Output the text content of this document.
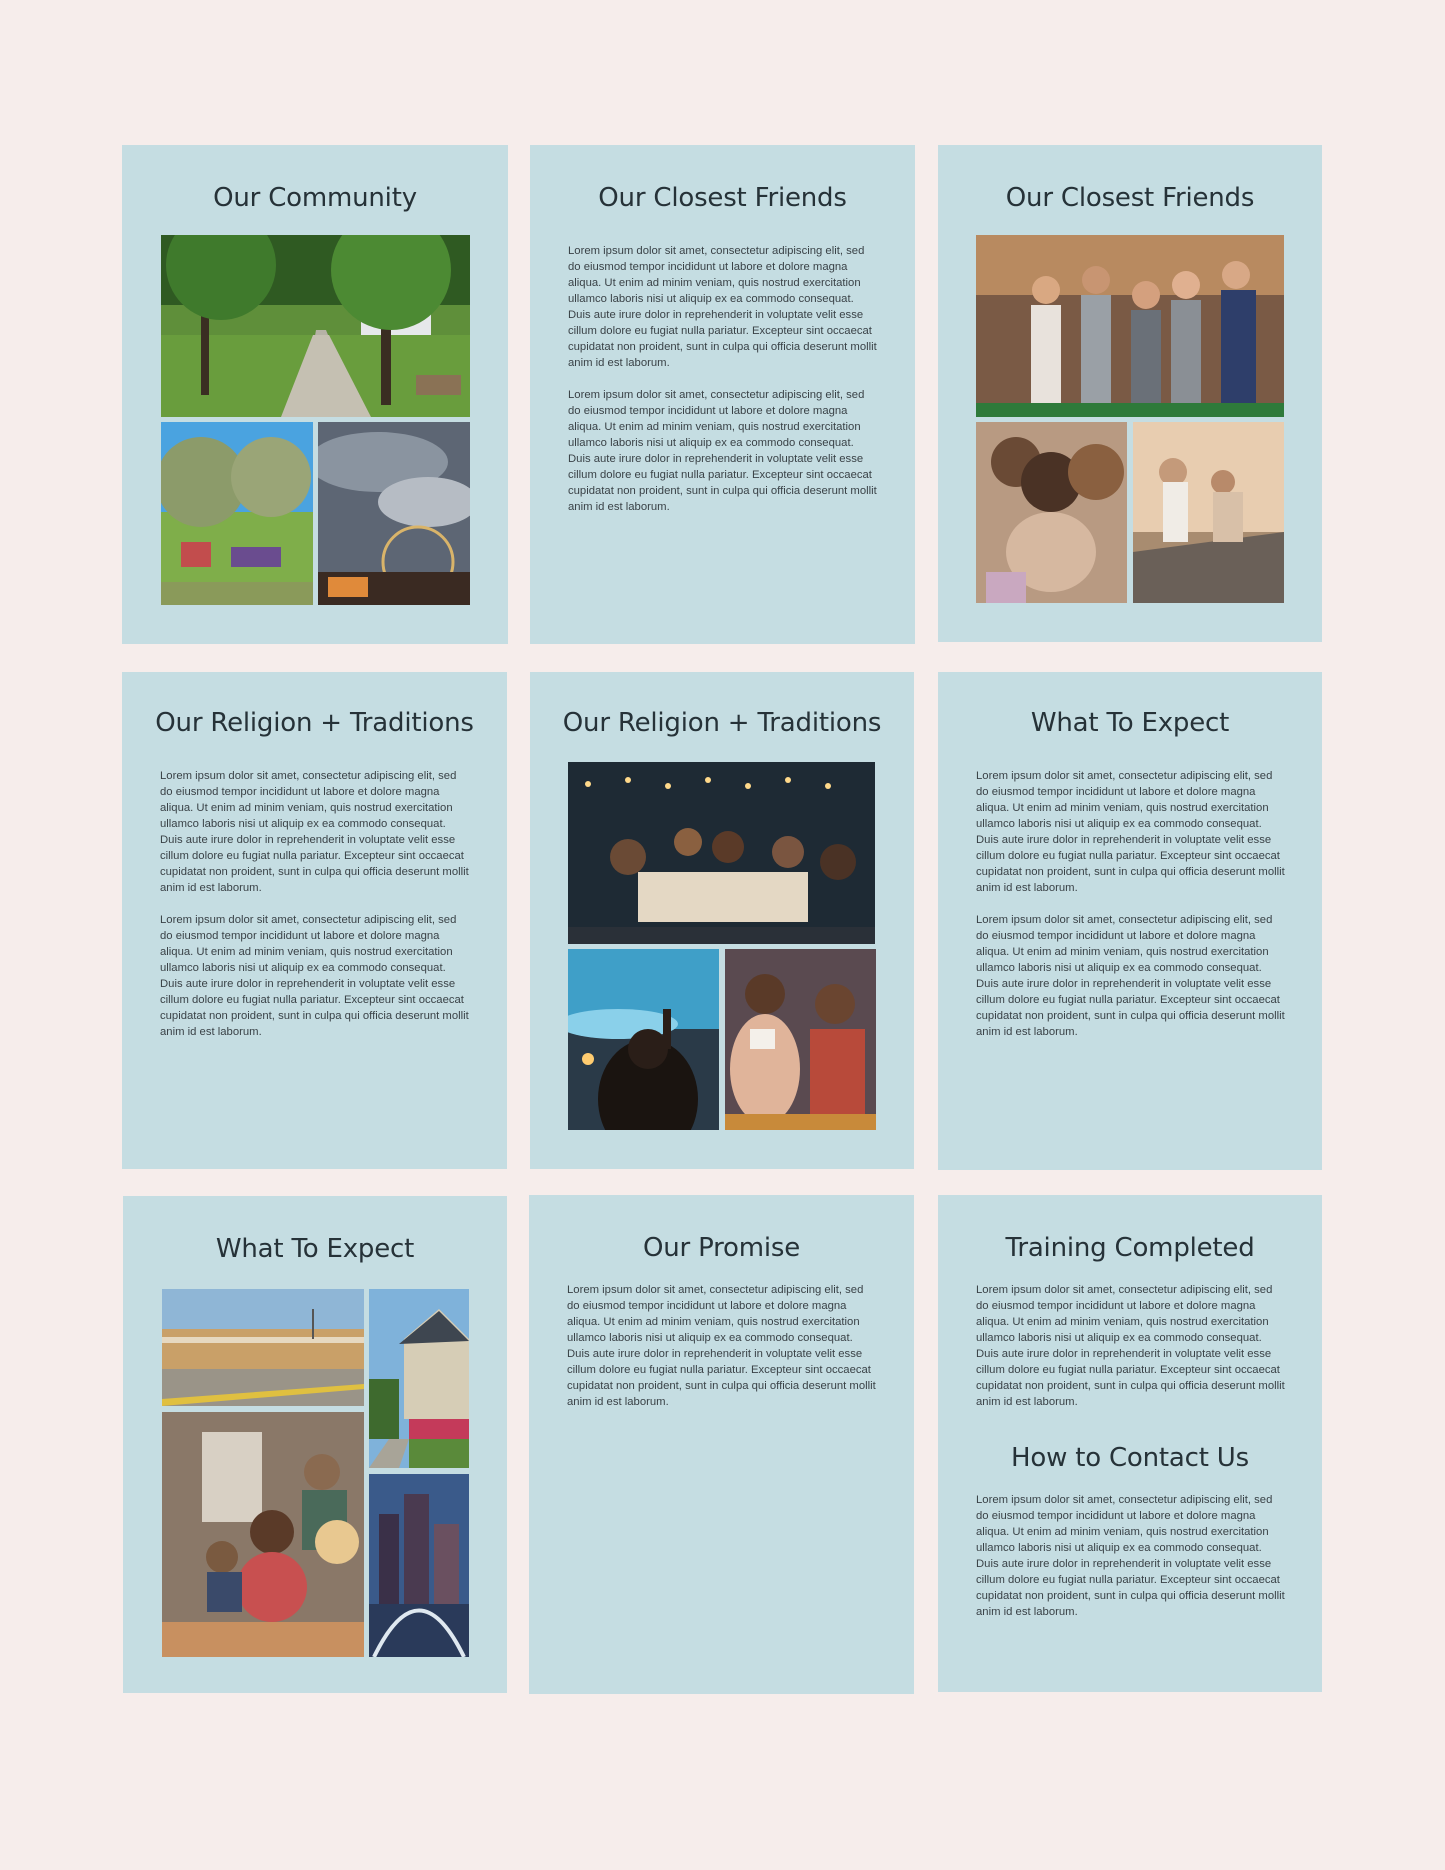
Our Community	Our Closest Friends

Lorem ipsum dolor sit amet, consectetur adipiscing elit, sed do eiusmod tempor incididunt ut labore et dolore magna aliqua. Ut enim ad minim veniam, quis nostrud exercitation ullamco laboris nisi ut aliquip ex ea commodo consequat. Duis aute irure dolor in reprehenderit in voluptate velit esse cillum dolore eu fugiat nulla pariatur. Excepteur sint occaecat cupidatat non proident, sunt in culpa qui officia deserunt mollit anim id est laborum.

Lorem ipsum dolor sit amet, consectetur adipiscing elit, sed do eiusmod tempor incididunt ut labore et dolore magna aliqua. Ut enim ad minim veniam, quis nostrud exercitation ullamco laboris nisi ut aliquip ex ea commodo consequat. Duis aute irure dolor in reprehenderit in voluptate velit esse cillum dolore eu fugiat nulla pariatur. Excepteur sint occaecat cupidatat non proident, sunt in culpa qui officia deserunt mollit anim id est laborum.

Our Closest Friends
Our Religion + Traditions

Lorem ipsum dolor sit amet, consectetur adipiscing elit, sed do eiusmod tempor incididunt ut labore et dolore magna aliqua. Ut enim ad minim veniam, quis nostrud exercitation ullamco laboris nisi ut aliquip ex ea commodo consequat. Duis aute irure dolor in reprehenderit in voluptate velit esse cillum dolore eu fugiat nulla pariatur. Excepteur sint occaecat cupidatat non proident, sunt in culpa qui officia deserunt mollit anim id est laborum.

Lorem ipsum dolor sit amet, consectetur adipiscing elit, sed do eiusmod tempor incididunt ut labore et dolore magna aliqua. Ut enim ad minim veniam, quis nostrud exercitation ullamco laboris nisi ut aliquip ex ea commodo consequat. Duis aute irure dolor in reprehenderit in voluptate velit esse cillum dolore eu fugiat nulla pariatur. Excepteur sint occaecat cupidatat non proident, sunt in culpa qui officia deserunt mollit anim id est laborum.

Our Religion + Traditions	What To Expect

Lorem ipsum dolor sit amet, consectetur adipiscing elit, sed do eiusmod tempor incididunt ut labore et dolore magna aliqua. Ut enim ad minim veniam, quis nostrud exercitation ullamco laboris nisi ut aliquip ex ea commodo consequat. Duis aute irure dolor in reprehenderit in voluptate velit esse cillum dolore eu fugiat nulla pariatur. Excepteur sint occaecat cupidatat non proident, sunt in culpa qui officia deserunt mollit anim id est laborum.

Lorem ipsum dolor sit amet, consectetur adipiscing elit, sed do eiusmod tempor incididunt ut labore et dolore magna aliqua. Ut enim ad minim veniam, quis nostrud exercitation ullamco laboris nisi ut aliquip ex ea commodo consequat. Duis aute irure dolor in reprehenderit in voluptate velit esse cillum dolore eu fugiat nulla pariatur. Excepteur sint occaecat cupidatat non proident, sunt in culpa qui officia deserunt mollit anim id est laborum.

What To Expect	Our Promise

Lorem ipsum dolor sit amet, consectetur adipiscing elit, sed do eiusmod tempor incididunt ut labore et dolore magna aliqua. Ut enim ad minim veniam, quis nostrud exercitation ullamco laboris nisi ut aliquip ex ea commodo consequat. Duis aute irure dolor in reprehenderit in voluptate velit esse cillum dolore eu fugiat nulla pariatur. Excepteur sint occaecat cupidatat non proident, sunt in culpa qui officia deserunt mollit anim id est laborum.

Training Completed

Lorem ipsum dolor sit amet, consectetur adipiscing elit, sed do eiusmod tempor incididunt ut labore et dolore magna aliqua. Ut enim ad minim veniam, quis nostrud exercitation ullamco laboris nisi ut aliquip ex ea commodo consequat. Duis aute irure dolor in reprehenderit in voluptate velit esse cillum dolore eu fugiat nulla pariatur. Excepteur sint occaecat cupidatat non proident, sunt in culpa qui officia deserunt mollit anim id est laborum.

How to Contact Us

Lorem ipsum dolor sit amet, consectetur adipiscing elit, sed do eiusmod tempor incididunt ut labore et dolore magna aliqua. Ut enim ad minim veniam, quis nostrud exercitation ullamco laboris nisi ut aliquip ex ea commodo consequat. Duis aute irure dolor in reprehenderit in voluptate velit esse cillum dolore eu fugiat nulla pariatur. Excepteur sint occaecat cupidatat non proident, sunt in culpa qui officia deserunt mollit anim id est laborum.
